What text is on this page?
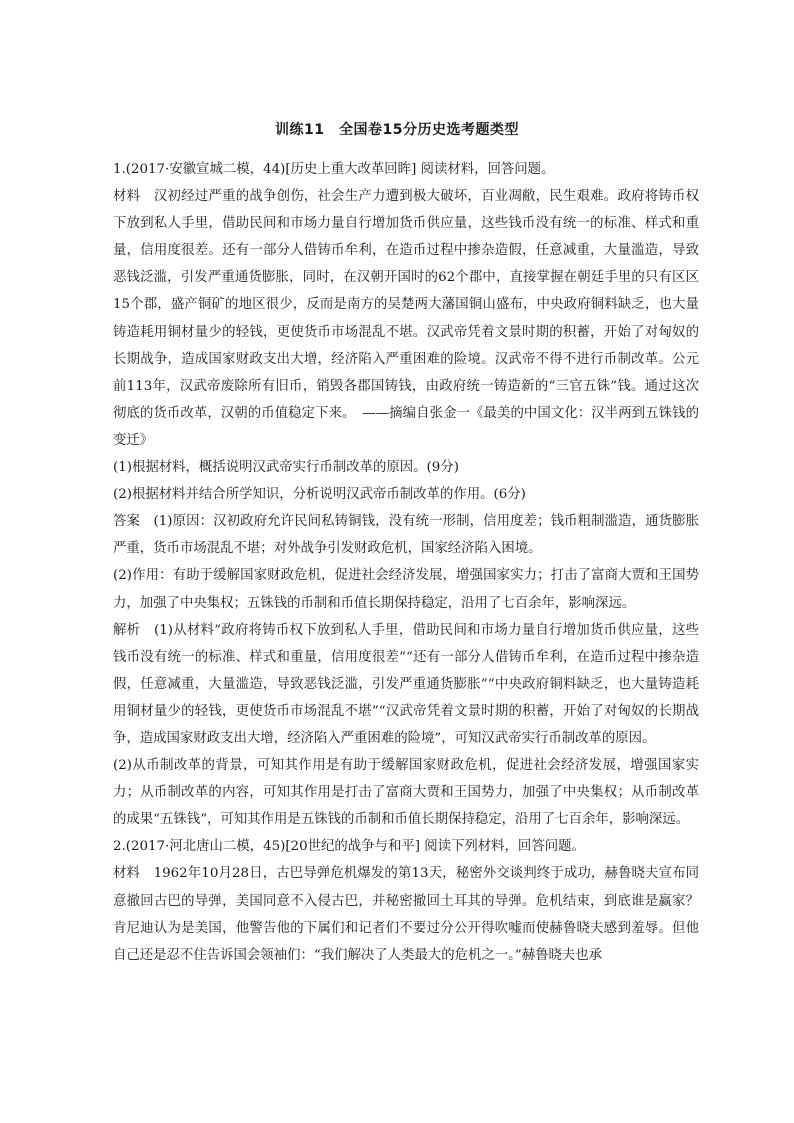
训练11　全国卷15分历史选考题类型

1.(2017·安徽宣城二模，44)[历史上重大改革回眸] 阅读材料，回答问题。

材料　汉初经过严重的战争创伤，社会生产力遭到极大破坏，百业凋敝，民生艰难。政府将铸币权下放到私人手里，借助民间和市场力量自行增加货币供应量，这些钱币没有统一的标准、样式和重量，信用度很差。还有一部分人借铸币牟利，在造币过程中掺杂造假，任意减重，大量滥造，导致恶钱泛滥，引发严重通货膨胀，同时，在汉朝开国时的62个郡中，直接掌握在朝廷手里的只有区区15个郡，盛产铜矿的地区很少，反而是南方的吴楚两大藩国铜山盛布，中央政府铜料缺乏，也大量铸造耗用铜材量少的轻钱，更使货币市场混乱不堪。汉武帝凭着文景时期的积蓄，开始了对匈奴的长期战争，造成国家财政支出大增，经济陷入严重困难的险境。汉武帝不得不进行币制改革。公元前113年，汉武帝废除所有旧币，销毁各郡国铸钱，由政府统一铸造新的“三官五铢”钱。通过这次彻底的货币改革，汉朝的币值稳定下来。　——摘编自张金一《最美的中国文化：汉半两到五铢钱的变迁》

(1)根据材料，概括说明汉武帝实行币制改革的原因。(9分)

(2)根据材料并结合所学知识，分析说明汉武帝币制改革的作用。(6分)

答案　(1)原因：汉初政府允许民间私铸铜钱，没有统一形制，信用度差；钱币粗制滥造，通货膨胀严重，货币市场混乱不堪；对外战争引发财政危机，国家经济陷入困境。

(2)作用：有助于缓解国家财政危机，促进社会经济发展，增强国家实力；打击了富商大贾和王国势力，加强了中央集权；五铢钱的币制和币值长期保持稳定，沿用了七百余年，影响深远。

解析　(1)从材料“政府将铸币权下放到私人手里，借助民间和市场力量自行增加货币供应量，这些钱币没有统一的标准、样式和重量，信用度很差”“还有一部分人借铸币牟利，在造币过程中掺杂造假，任意减重，大量滥造，导致恶钱泛滥，引发严重通货膨胀”“中央政府铜料缺乏，也大量铸造耗用铜材量少的轻钱，更使货币市场混乱不堪”“汉武帝凭着文景时期的积蓄，开始了对匈奴的长期战争，造成国家财政支出大增，经济陷入严重困难的险境”，可知汉武帝实行币制改革的原因。

(2)从币制改革的背景，可知其作用是有助于缓解国家财政危机，促进社会经济发展，增强国家实力；从币制改革的内容，可知其作用是打击了富商大贾和王国势力，加强了中央集权；从币制改革的成果“五铢钱”，可知其作用是五铢钱的币制和币值长期保持稳定，沿用了七百余年，影响深远。

2.(2017·河北唐山二模，45)[20世纪的战争与和平] 阅读下列材料，回答问题。

材料　1962年10月28日，古巴导弹危机爆发的第13天，秘密外交谈判终于成功，赫鲁晓夫宣布同意撤回古巴的导弹，美国同意不入侵古巴，并秘密撤回土耳其的导弹。危机结束，到底谁是赢家？肯尼迪认为是美国，他警告他的下属们和记者们不要过分公开得吹嘘而使赫鲁晓夫感到羞辱。但他自己还是忍不住告诉国会领袖们：“我们解决了人类最大的危机之一。”赫鲁晓夫也承
